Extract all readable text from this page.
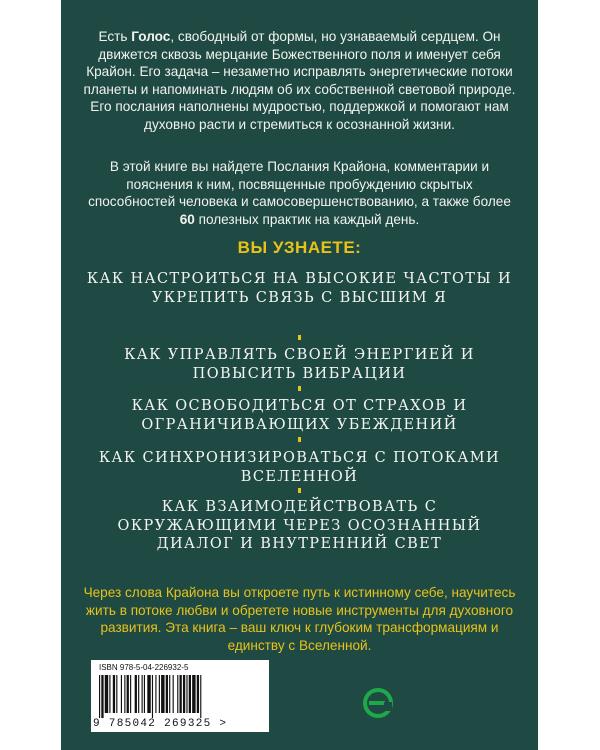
Есть Голос, свободный от формы, но узнаваемый сердцем. Он движется сквозь мерцание Божественного поля и именует себя Крайон. Его задача – незаметно исправлять энергетические потоки планеты и напоминать людям об их собственной световой природе. Его послания наполнены мудростью, поддержкой и помогают нам духовно расти и стремиться к осознанной жизни.

В этой книге вы найдете Послания Крайона, комментарии и пояснения к ним, посвященные пробуждению скрытых способностей человека и самосовершенствованию, а также более 60 полезных практик на каждый день.

ВЫ УЗНАЕТЕ:
КАК НАСТРОИТЬСЯ НА ВЫСОКИЕ ЧАСТОТЫ И УКРЕПИТЬ СВЯЗЬ С ВЫСШИМ Я
КАК УПРАВЛЯТЬ СВОЕЙ ЭНЕРГИЕЙ И ПОВЫСИТЬ ВИБРАЦИИ
КАК ОСВОБОДИТЬСЯ ОТ СТРАХОВ И ОГРАНИЧИВАЮЩИХ УБЕЖДЕНИЙ
КАК СИНХРОНИЗИРОВАТЬСЯ С ПОТОКАМИ ВСЕЛЕННОЙ
КАК ВЗАИМОДЕЙСТВОВАТЬ С ОКРУЖАЮЩИМИ ЧЕРЕЗ ОСОЗНАННЫЙ ДИАЛОГ И ВНУТРЕННИЙ СВЕТ

Через слова Крайона вы откроете путь к истинному себе, научитесь жить в потоке любви и обретете новые инструменты для духовного развития. Эта книга – ваш ключ к глубоким трансформациям и единству с Вселенной.

ISBN 978-5-04-226932-5
9 785042 269325 >
